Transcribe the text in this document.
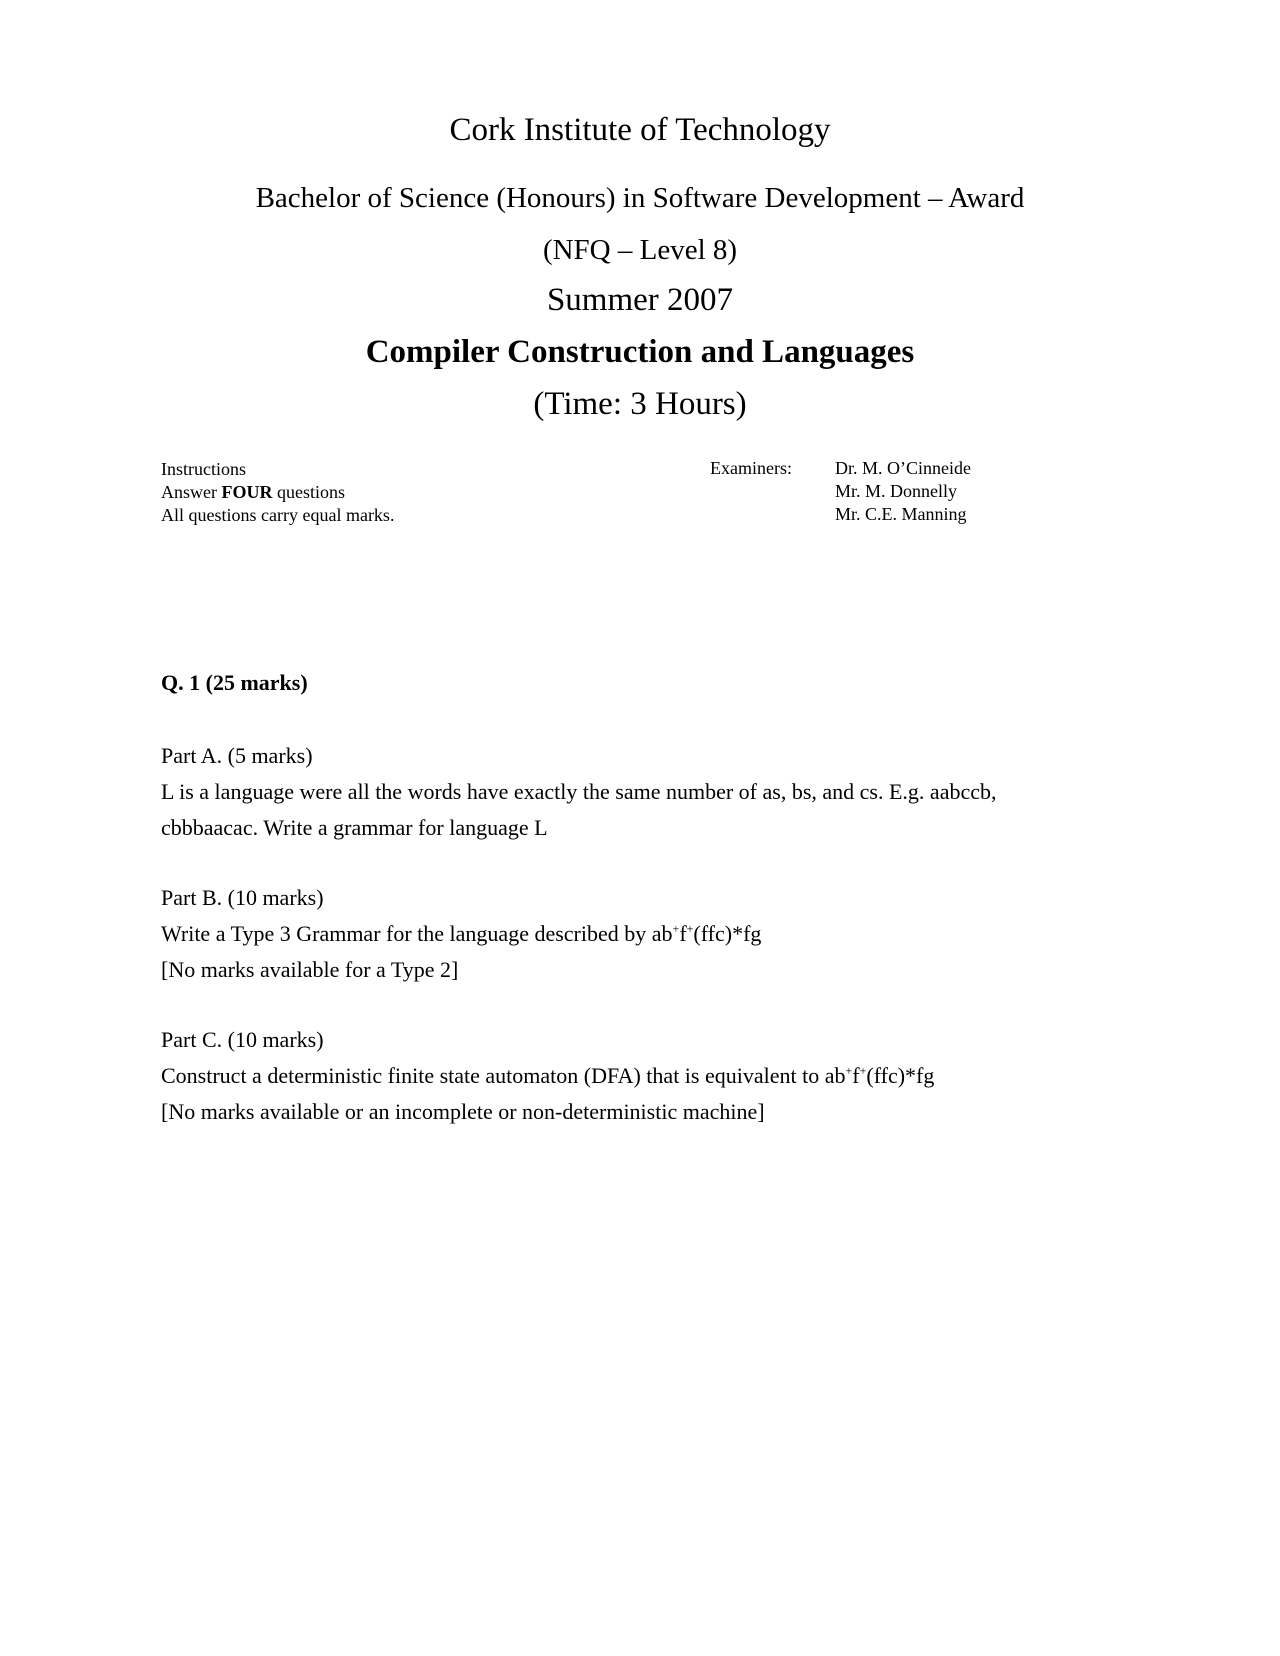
Cork Institute of Technology
Bachelor of Science (Honours) in Software Development – Award
(NFQ – Level 8)
Summer 2007
Compiler Construction and Languages
(Time: 3 Hours)
Instructions
Answer FOUR questions
All questions carry equal marks.
Examiners: Dr. M. O’Cinneide
Mr. M. Donnelly
Mr. C.E. Manning
Q. 1 (25 marks)
Part A. (5 marks)
L is a language were all the words have exactly the same number of as, bs, and cs. E.g. aabccb,
cbbbaacac. Write a grammar for language L
Part B. (10 marks)
Write a Type 3 Grammar for the language described by ab+f+(ffc)*fg
[No marks available for a Type 2]
Part C. (10 marks)
Construct a deterministic finite state automaton (DFA) that is equivalent to ab+f+(ffc)*fg
[No marks available or an incomplete or non-deterministic machine]
